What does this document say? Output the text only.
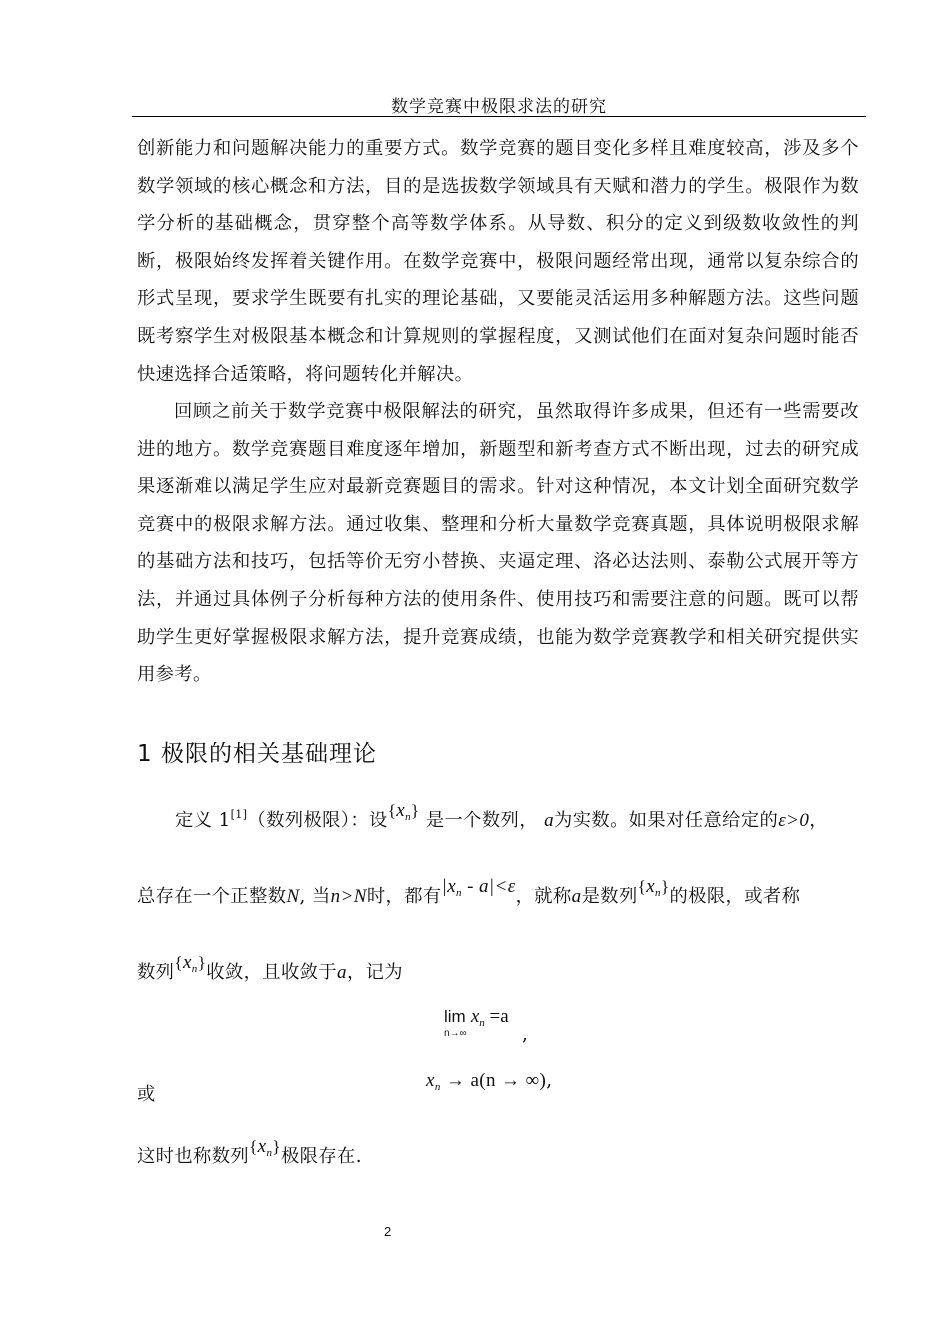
数学竞赛中极限求法的研究
创新能力和问题解决能力的重要方式。数学竞赛的题目变化多样且难度较高，涉及多个数学领域的核心概念和方法，目的是选拔数学领域具有天赋和潜力的学生。极限作为数学分析的基础概念，贯穿整个高等数学体系。从导数、积分的定义到级数收敛性的判断，极限始终发挥着关键作用。在数学竞赛中，极限问题经常出现，通常以复杂综合的形式呈现，要求学生既要有扎实的理论基础，又要能灵活运用多种解题方法。这些问题既考察学生对极限基本概念和计算规则的掌握程度，又测试他们在面对复杂问题时能否快速选择合适策略，将问题转化并解决。
回顾之前关于数学竞赛中极限解法的研究，虽然取得许多成果，但还有一些需要改进的地方。数学竞赛题目难度逐年增加，新题型和新考查方式不断出现，过去的研究成果逐渐难以满足学生应对最新竞赛题目的需求。针对这种情况，本文计划全面研究数学竞赛中的极限求解方法。通过收集、整理和分析大量数学竞赛真题，具体说明极限求解的基础方法和技巧，包括等价无穷小替换、夹逼定理、洛必达法则、泰勒公式展开等方法，并通过具体例子分析每种方法的使用条件、使用技巧和需要注意的问题。既可以帮助学生更好掌握极限求解方法，提升竞赛成绩，也能为数学竞赛教学和相关研究提供实用参考。
1 极限的相关基础理论
定义 1[1]（数列极限）：设$\{x_n\}$ 是一个数列， a为实数。如果对任意给定的ε>0，
总存在一个正整数N, 当n>N时，都有$|x_n - a|<\varepsilon$，就称a是数列$\{x_n\}$的极限，或者称
数列$\{x_n\}$收敛，且收敛于a，记为
lim
n→∞
$x_n =a$
,
或
$x_n \to a(n$ → ∞),
这时也称数列$\{x_n\}$极限存在.
2
